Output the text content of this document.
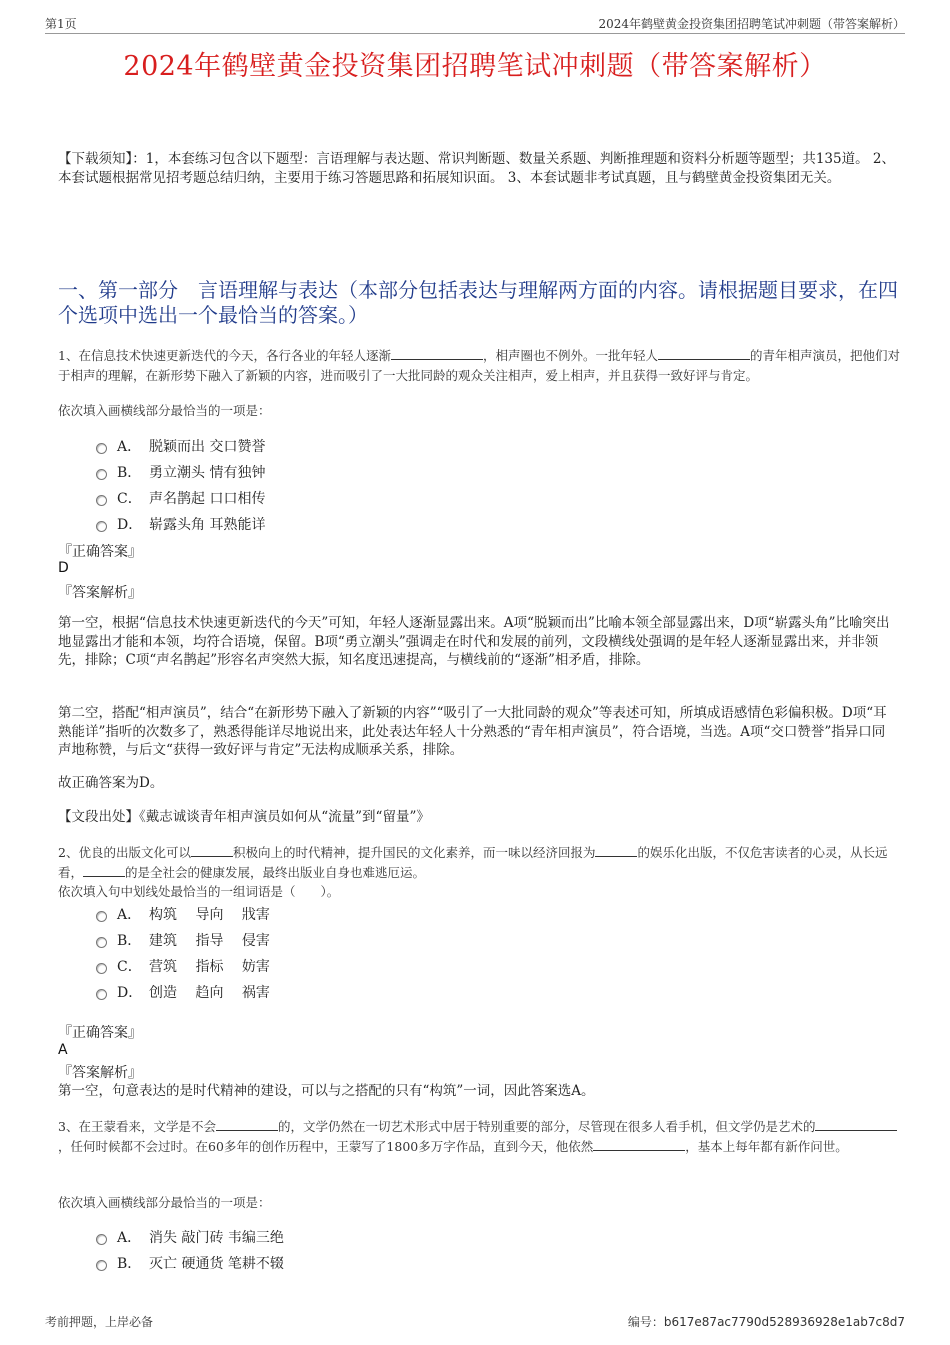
第1页	2024年鹤壁黄金投资集团招聘笔试冲刺题（带答案解析）
2024年鹤壁黄金投资集团招聘笔试冲刺题（带答案解析）
【下载须知】：1，本套练习包含以下题型：言语理解与表达题、常识判断题、数量关系题、判断推理题和资料分析题等题型；共135道。 2、本套试题根据常见招考题总结归纳，主要用于练习答题思路和拓展知识面。 3、本套试题非考试真题，且与鹤壁黄金投资集团无关。
一、第一部分　言语理解与表达（本部分包括表达与理解两方面的内容。请根据题目要求，在四个选项中选出一个最恰当的答案。）
1、在信息技术快速更新迭代的今天，各行各业的年轻人逐渐	，相声圈也不例外。一批年轻人	的青年相声演员，把他们对于相声的理解，在新形势下融入了新颖的内容，进而吸引了一大批同龄的观众关注相声，爱上相声，并且获得一致好评与肯定。
依次填入画横线部分最恰当的一项是：
A． 脱颖而出 交口赞誉
B． 勇立潮头 情有独钟
C． 声名鹊起 口口相传
D． 崭露头角 耳熟能详
『正确答案』
D
『答案解析』
第一空，根据“信息技术快速更新迭代的今天”可知，年轻人逐渐显露出来。A项“脱颖而出”比喻本领全部显露出来，D项“崭露头角”比喻突出地显露出才能和本领，均符合语境，保留。B项“勇立潮头”强调走在时代和发展的前列，文段横线处强调的是年轻人逐渐显露出来，并非领先，排除；C项“声名鹊起”形容名声突然大振，知名度迅速提高，与横线前的“逐渐”相矛盾，排除。
第二空，搭配“相声演员”，结合“在新形势下融入了新颖的内容”“吸引了一大批同龄的观众”等表述可知，所填成语感情色彩偏积极。D项“耳熟能详”指听的次数多了，熟悉得能详尽地说出来，此处表达年轻人十分熟悉的“青年相声演员”，符合语境，当选。A项“交口赞誉”指异口同声地称赞，与后文“获得一致好评与肯定”无法构成顺承关系，排除。
故正确答案为D。
【文段出处】《戴志诚谈青年相声演员如何从“流量”到“留量”》
2、优良的出版文化可以	积极向上的时代精神，提升国民的文化素养，而一味以经济回报为	的娱乐化出版，不仅危害读者的心灵，从长远看，	的是全社会的健康发展，最终出版业自身也难逃厄运。
依次填入句中划线处最恰当的一组词语是（　　）。
A． 构筑　 导向　 戕害
B． 建筑　 指导　 侵害
C． 营筑　 指标　 妨害
D． 创造　 趋向　 祸害
『正确答案』
A
『答案解析』
第一空，句意表达的是时代精神的建设，可以与之搭配的只有“构筑”一词，因此答案选A。
3、在王蒙看来，文学是不会	的，文学仍然在一切艺术形式中居于特别重要的部分，尽管现在很多人看手机，但文学仍是艺术的，任何时候都不会过时。在60多年的创作历程中，王蒙写了1800多万字作品，直到今天，他依然	，基本上每年都有新作问世。
依次填入画横线部分最恰当的一项是：
A． 消失 敲门砖 韦编三绝
B． 灭亡 硬通货 笔耕不辍
考前押题，上岸必备	编号：b617e87ac7790d528936928e1ab7c8d7
